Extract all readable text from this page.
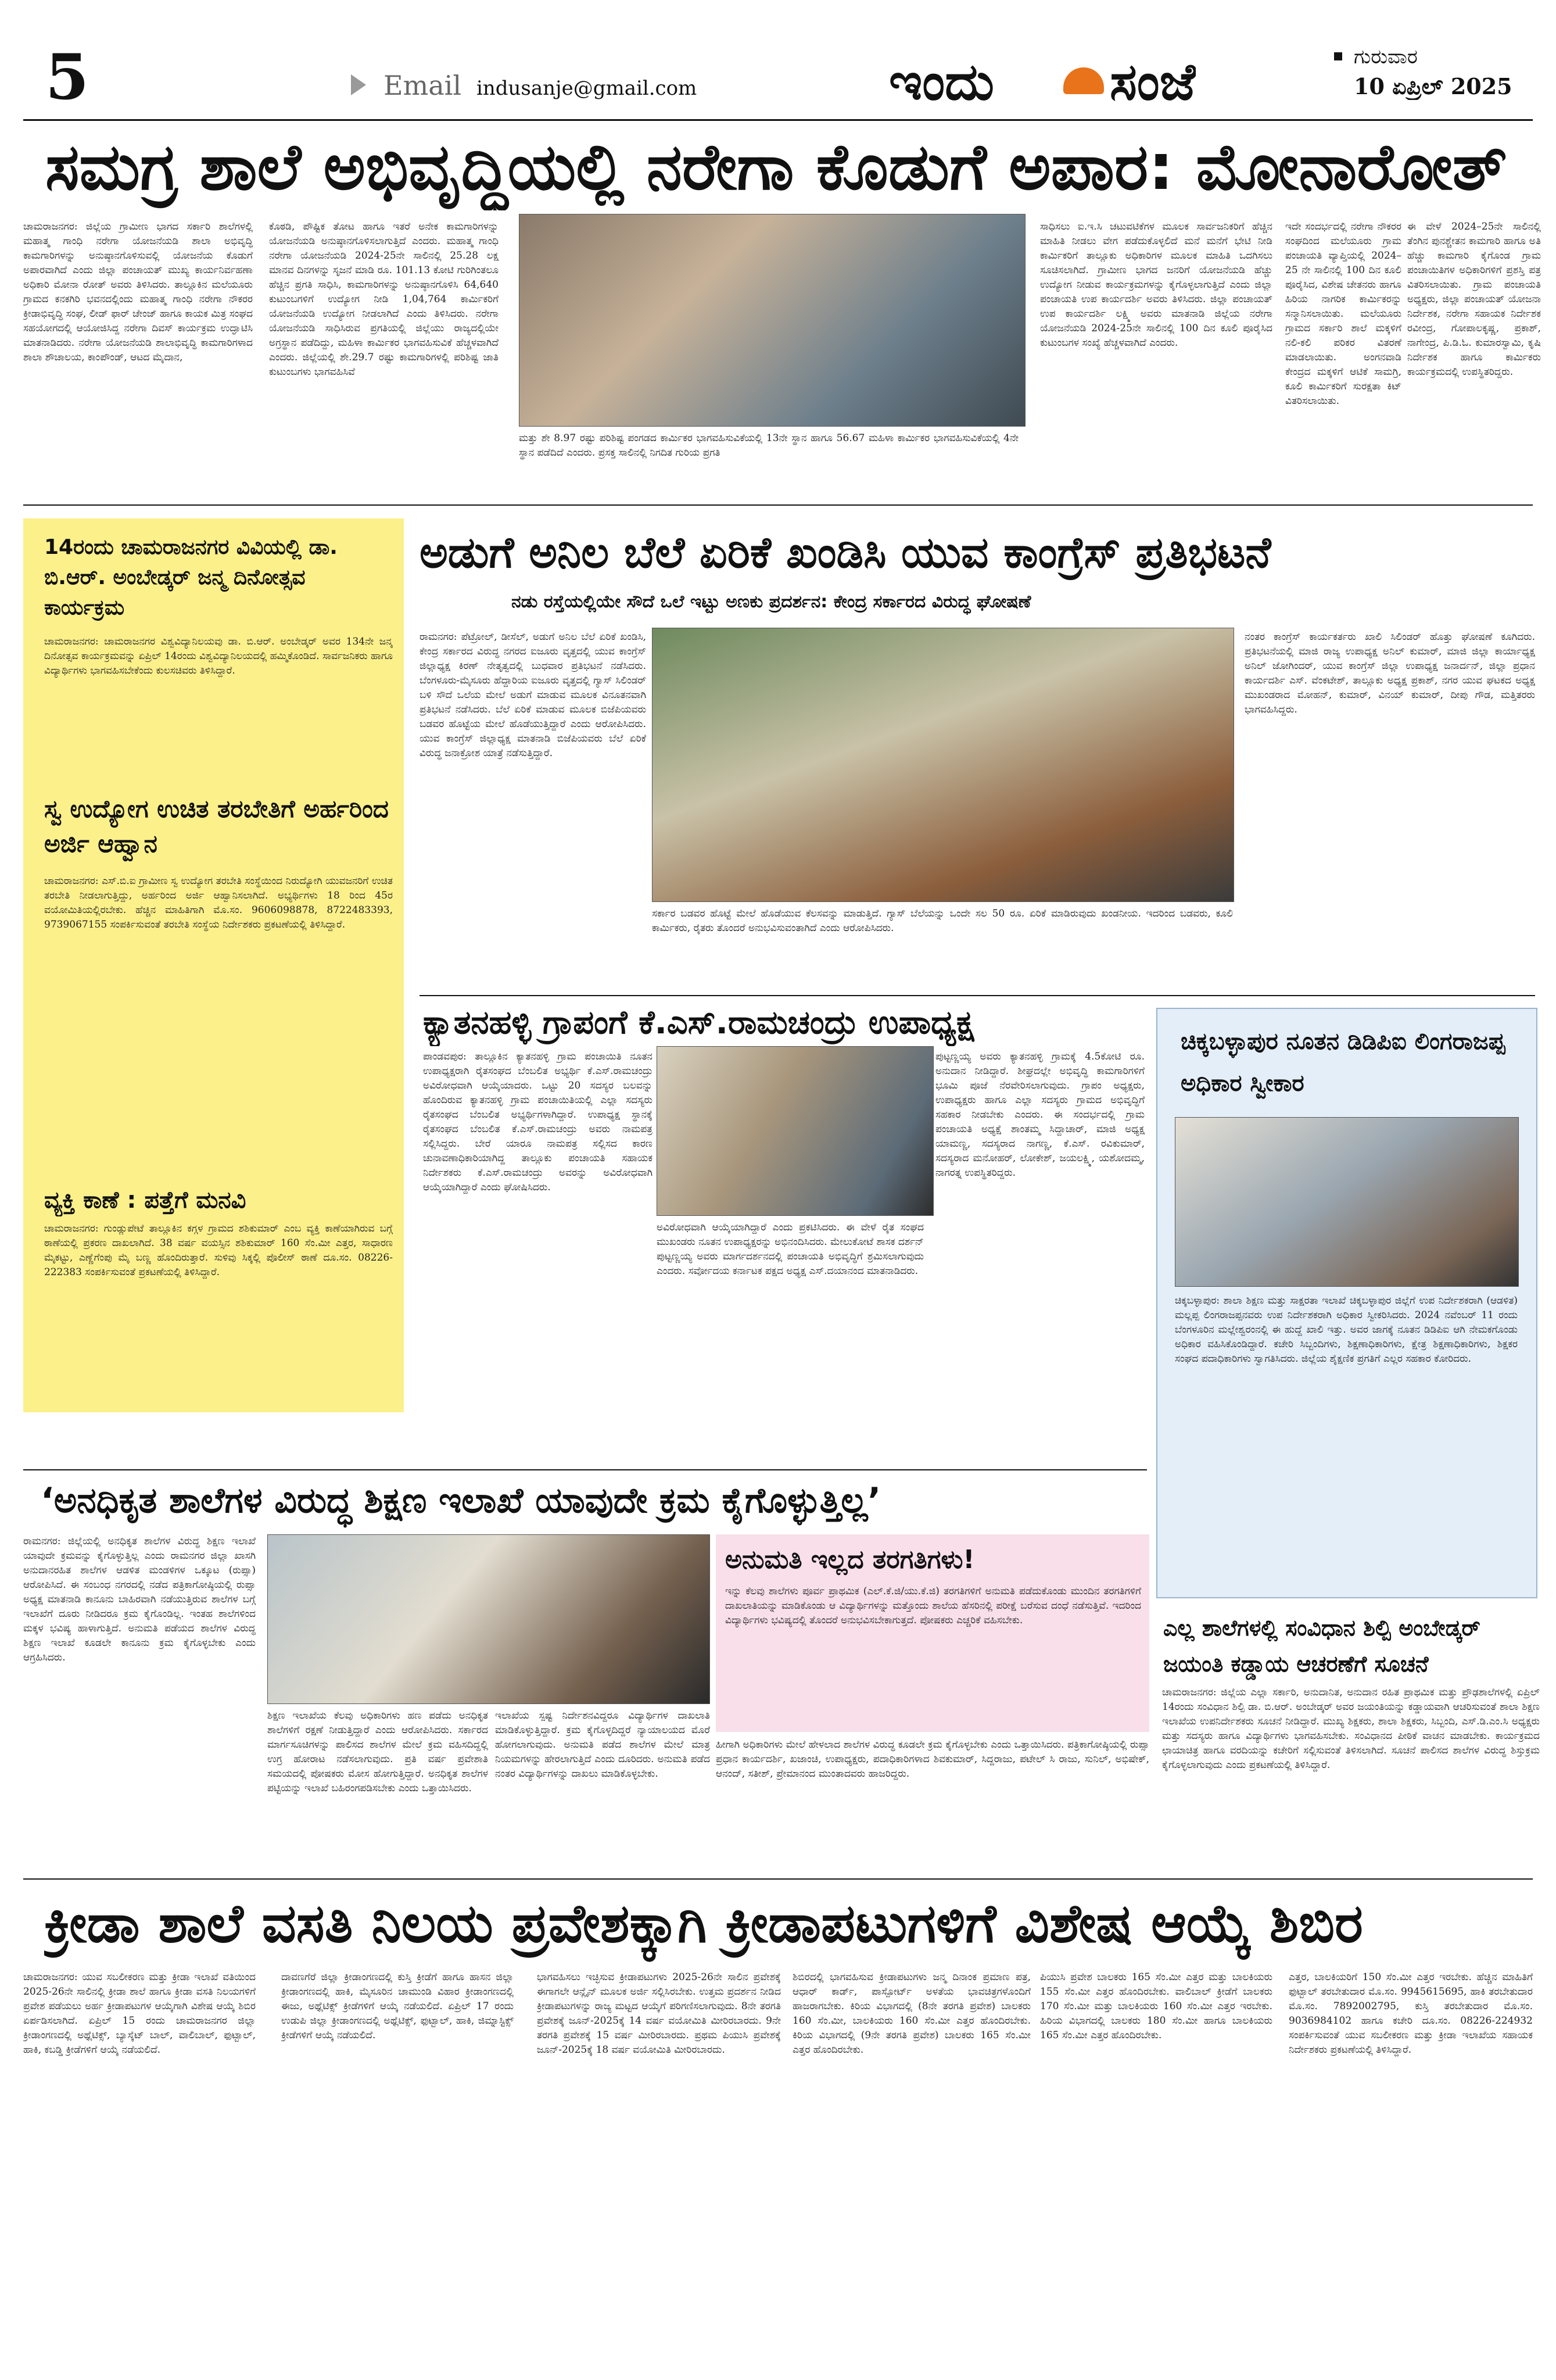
5	Email indusanje@gmail.com	ಇಂದು ಸಂಜೆ	ಗುರುವಾರ
10 ಏಪ್ರಿಲ್ 2025
ಸಮಗ್ರ ಶಾಲೆ ಅಭಿವೃದ್ಧಿಯಲ್ಲಿ ನರೇಗಾ ಕೊಡುಗೆ ಅಪಾರ: ಮೋನಾರೋತ್
ಚಾಮರಾಜನಗರ: ಜಿಲ್ಲೆಯ ಗ್ರಾಮೀಣ ಭಾಗದ ಸರ್ಕಾರಿ ಶಾಲೆಗಳಲ್ಲಿ ಮಹಾತ್ಮ ಗಾಂಧಿ ನರೇಗಾ ಯೋಜನೆಯಡಿ ಶಾಲಾ ಅಭಿವೃದ್ಧಿ ಕಾಮಗಾರಿಗಳನ್ನು ಅನುಷ್ಠಾನಗೊಳಿಸುವಲ್ಲಿ ಯೋಜನೆಯ ಕೊಡುಗೆ ಅಪಾರವಾಗಿದೆ ಎಂದು ಜಿಲ್ಲಾ ಪಂಚಾಯತ್ ಮುಖ್ಯ ಕಾರ್ಯನಿರ್ವಹಣಾ ಅಧಿಕಾರಿ ಮೋನಾ ರೋತ್ ಅವರು ತಿಳಿಸಿದರು. ತಾಲ್ಲೂಕಿನ ಮಲೆಯೂರು ಗ್ರಾಮದ ಕನಕಗಿರಿ ಭವನದಲ್ಲಿಂದು ಮಹಾತ್ಮ ಗಾಂಧಿ ನರೇಗಾ ನೌಕರರ ಕ್ರೀಡಾಭಿವೃದ್ಧಿ ಸಂಘ, ಲೀಡ್ ಫಾರ್ ಚೇಂಜ್ ಹಾಗೂ ಕಾಯಕ ಮಿತ್ರ ಸಂಘದ ಸಹಯೋಗದಲ್ಲಿ ಆಯೋಜಿಸಿದ್ದ ನರೇಗಾ ದಿವಸ್ ಕಾರ್ಯಕ್ರಮ ಉದ್ಘಾಟಿಸಿ ಮಾತನಾಡಿದರು. ನರೇಗಾ ಯೋಜನೆಯಡಿ ಶಾಲಾಭಿವೃದ್ಧಿ ಕಾಮಗಾರಿಗಳಾದ ಶಾಲಾ ಶೌಚಾಲಯ, ಕಾಂಪೌಂಡ್, ಆಟದ ಮೈದಾನ,
ಕೊಠಡಿ, ಪೌಷ್ಟಿಕ ತೋಟ ಹಾಗೂ ಇತರೆ ಅನೇಕ ಕಾಮಗಾರಿಗಳನ್ನು ಯೋಜನೆಯಡಿ ಅನುಷ್ಠಾನಗೊಳಿಸಲಾಗುತ್ತಿದೆ ಎಂದರು. ಮಹಾತ್ಮ ಗಾಂಧಿ ನರೇಗಾ ಯೋಜನೆಯಡಿ 2024-25ನೇ ಸಾಲಿನಲ್ಲಿ 25.28 ಲಕ್ಷ ಮಾನವ ದಿನಗಳನ್ನು ಸೃಜನೆ ಮಾಡಿ ರೂ. 101.13 ಕೋಟಿ ಗುರಿಗಿಂತಲೂ ಹೆಚ್ಚಿನ ಪ್ರಗತಿ ಸಾಧಿಸಿ, ಕಾಮಗಾರಿಗಳನ್ನು ಅನುಷ್ಠಾನಗೊಳಿಸಿ 64,640 ಕುಟುಂಬಗಳಿಗೆ ಉದ್ಯೋಗ ನೀಡಿ 1,04,764 ಕಾರ್ಮಿಕರಿಗೆ ಯೋಜನೆಯಡಿ ಉದ್ಯೋಗ ನೀಡಲಾಗಿದೆ ಎಂದು ತಿಳಿಸಿದರು. ನರೇಗಾ ಯೋಜನೆಯಡಿ ಸಾಧಿಸಿರುವ ಪ್ರಗತಿಯಲ್ಲಿ ಜಿಲ್ಲೆಯು ರಾಜ್ಯದಲ್ಲಿಯೇ ಅಗ್ರಸ್ಥಾನ ಪಡೆದಿದ್ದು, ಮಹಿಳಾ ಕಾರ್ಮಿಕರ ಭಾಗವಹಿಸುವಿಕೆ ಹೆಚ್ಚಳವಾಗಿದೆ ಎಂದರು. ಜಿಲ್ಲೆಯಲ್ಲಿ ಶೇ.29.7 ರಷ್ಟು ಕಾಮಗಾರಿಗಳಲ್ಲಿ ಪರಿಶಿಷ್ಟ ಜಾತಿ ಕುಟುಂಬಗಳು ಭಾಗವಹಿಸಿವೆ
ಮತ್ತು ಶೇ 8.97 ರಷ್ಟು ಪರಿಶಿಷ್ಟ ಪಂಗಡದ ಕಾರ್ಮಿಕರ ಭಾಗವಹಿಸುವಿಕೆಯಲ್ಲಿ 13ನೇ ಸ್ಥಾನ ಹಾಗೂ 56.67 ಮಹಿಳಾ ಕಾರ್ಮಿಕರ ಭಾಗವಹಿಸುವಿಕೆಯಲ್ಲಿ 4ನೇ ಸ್ಥಾನ ಪಡೆದಿದೆ ಎಂದರು. ಪ್ರಸಕ್ತ ಸಾಲಿನಲ್ಲಿ ನಿಗದಿತ ಗುರಿಯ ಪ್ರಗತಿ
ಸಾಧಿಸಲು ಐ.ಇ.ಸಿ ಚಟುವಟಿಕೆಗಳ ಮೂಲಕ ಸಾರ್ವಜನಿಕರಿಗೆ ಹೆಚ್ಚಿನ ಮಾಹಿತಿ ನೀಡಲು ವೇಗ ಪಡೆದುಕೊಳ್ಳಲಿದೆ ಮನೆ ಮನೆಗೆ ಭೇಟಿ ನೀಡಿ ಕಾರ್ಮಿಕರಿಗೆ ತಾಲ್ಲೂಕು ಅಧಿಕಾರಿಗಳ ಮೂಲಕ ಮಾಹಿತಿ ಒದಗಿಸಲು ಸೂಚಿಸಲಾಗಿದೆ. ಗ್ರಾಮೀಣ ಭಾಗದ ಜನರಿಗೆ ಯೋಜನೆಯಡಿ ಹೆಚ್ಚು ಉದ್ಯೋಗ ನೀಡುವ ಕಾರ್ಯಕ್ರಮಗಳನ್ನು ಕೈಗೊಳ್ಳಲಾಗುತ್ತಿದೆ ಎಂದು ಜಿಲ್ಲಾ ಪಂಚಾಯತಿ ಉಪ ಕಾರ್ಯದರ್ಶಿ ಅವರು ತಿಳಿಸಿದರು. ಜಿಲ್ಲಾ ಪಂಚಾಯತ್ ಉಪ ಕಾರ್ಯದರ್ಶಿ ಲಕ್ಷ್ಮಿ ಅವರು ಮಾತನಾಡಿ ಜಿಲ್ಲೆಯ ನರೇಗಾ ಯೋಜನೆಯಡಿ 2024-25ನೇ ಸಾಲಿನಲ್ಲಿ 100 ದಿನ ಕೂಲಿ ಪೂರೈಸಿದ ಕುಟುಂಬಗಳ ಸಂಖ್ಯೆ ಹೆಚ್ಚಳವಾಗಿದೆ ಎಂದರು.
ಇದೇ ಸಂದರ್ಭದಲ್ಲಿ ನರೇಗಾ ನೌಕರರ ಸಂಘದಿಂದ ಮಲೆಯೂರು ಗ್ರಾಮ ಪಂಚಾಯತಿ ವ್ಯಾಪ್ತಿಯಲ್ಲಿ 2024–25 ನೇ ಸಾಲಿನಲ್ಲಿ 100 ದಿನ ಕೂಲಿ ಪೂರೈಸಿದ, ವಿಶೇಷ ಚೇತನರು ಹಾಗೂ ಹಿರಿಯ ನಾಗರಿಕ ಕಾರ್ಮಿಕರನ್ನು ಸನ್ಮಾನಿಸಲಾಯಿತು. ಮಲೆಯೂರು ಗ್ರಾಮದ ಸರ್ಕಾರಿ ಶಾಲೆ ಮಕ್ಕಳಿಗೆ ನಲಿ-ಕಲಿ ಪರಿಕರ ವಿತರಣೆ ಮಾಡಲಾಯಿತು. ಅಂಗನವಾಡಿ ಕೇಂದ್ರದ ಮಕ್ಕಳಿಗೆ ಆಟಿಕೆ ಸಾಮಗ್ರಿ, ಕೂಲಿ ಕಾರ್ಮಿಕರಿಗೆ ಸುರಕ್ಷತಾ ಕಿಟ್ ವಿತರಿಸಲಾಯಿತು.
ಈ ವೇಳೆ 2024–25ನೇ ಸಾಲಿನಲ್ಲಿ ತೆಂಗಿನ ಪುನಶ್ಚೇತನ ಕಾಮಗಾರಿ ಹಾಗೂ ಅತಿ ಹೆಚ್ಚು ಕಾಮಗಾರಿ ಕೈಗೊಂಡ ಗ್ರಾಮ ಪಂಚಾಯಿತಿಗಳ ಅಧಿಕಾರಿಗಳಿಗೆ ಪ್ರಶಸ್ತಿ ಪತ್ರ ವಿತರಿಸಲಾಯಿತು. ಗ್ರಾಮ ಪಂಚಾಯತಿ ಅಧ್ಯಕ್ಷರು, ಜಿಲ್ಲಾ ಪಂಚಾಯತ್ ಯೋಜನಾ ನಿರ್ದೇಶಕ, ನರೇಗಾ ಸಹಾಯಕ ನಿರ್ದೇಶಕ ರವೀಂದ್ರ, ಗೋಪಾಲಕೃಷ್ಣ, ಪ್ರಕಾಶ್, ನಾಗೇಂದ್ರ, ಪಿ.ಡಿ.ಓ. ಕುಮಾರಸ್ವಾಮಿ, ಕೃಷಿ ನಿರ್ದೇಶಕ ಹಾಗೂ ಕಾರ್ಮಿಕರು ಕಾರ್ಯಕ್ರಮದಲ್ಲಿ ಉಪಸ್ಥಿತರಿದ್ದರು.
14ರಂದು ಚಾಮರಾಜನಗರ ವಿವಿಯಲ್ಲಿ ಡಾ. ಬಿ.ಆರ್. ಅಂಬೇಡ್ಕರ್ ಜನ್ಮ ದಿನೋತ್ಸವ ಕಾರ್ಯಕ್ರಮ
ಚಾಮರಾಜನಗರ: ಚಾಮರಾಜನಗರ ವಿಶ್ವವಿದ್ಯಾನಿಲಯವು ಡಾ. ಬಿ.ಆರ್. ಅಂಬೇಡ್ಕರ್ ಅವರ 134ನೇ ಜನ್ಮ ದಿನೋತ್ಸವ ಕಾರ್ಯಕ್ರಮವನ್ನು ಏಪ್ರಿಲ್ 14ರಂದು ವಿಶ್ವವಿದ್ಯಾನಿಲಯದಲ್ಲಿ ಹಮ್ಮಿಕೊಂಡಿದೆ. ಸಾರ್ವಜನಿಕರು ಹಾಗೂ ವಿದ್ಯಾರ್ಥಿಗಳು ಭಾಗವಹಿಸಬೇಕೆಂದು ಕುಲಸಚಿವರು ತಿಳಿಸಿದ್ದಾರೆ.
ಸ್ವ ಉದ್ಯೋಗ ಉಚಿತ ತರಬೇತಿಗೆ ಅರ್ಹರಿಂದ ಅರ್ಜಿ ಆಹ್ವಾನ
ಚಾಮರಾಜನಗರ: ಎಸ್.ಬಿ.ಐ ಗ್ರಾಮೀಣ ಸ್ವ ಉದ್ಯೋಗ ತರಬೇತಿ ಸಂಸ್ಥೆಯಿಂದ ನಿರುದ್ಯೋಗಿ ಯುವಜನರಿಗೆ ಉಚಿತ ತರಬೇತಿ ನೀಡಲಾಗುತ್ತಿದ್ದು, ಅರ್ಹರಿಂದ ಅರ್ಜಿ ಆಹ್ವಾನಿಸಲಾಗಿದೆ. ಅಭ್ಯರ್ಥಿಗಳು 18 ರಿಂದ 45ರ ವಯೋಮಿತಿಯಲ್ಲಿರಬೇಕು. ಹೆಚ್ಚಿನ ಮಾಹಿತಿಗಾಗಿ ಮೊ.ಸಂ. 9606098878, 8722483393, 9739067155 ಸಂಪರ್ಕಿಸುವಂತೆ ತರಬೇತಿ ಸಂಸ್ಥೆಯ ನಿರ್ದೇಶಕರು ಪ್ರಕಟಣೆಯಲ್ಲಿ ತಿಳಿಸಿದ್ದಾರೆ.
ವ್ಯಕ್ತಿ ಕಾಣೆ : ಪತ್ತೆಗೆ ಮನವಿ
ಚಾಮರಾಜನಗರ: ಗುಂಡ್ಲುಪೇಟೆ ತಾಲ್ಲೂಕಿನ ಕಗ್ಗಳ ಗ್ರಾಮದ ಶಶಿಕುಮಾರ್ ಎಂಬ ವ್ಯಕ್ತಿ ಕಾಣೆಯಾಗಿರುವ ಬಗ್ಗೆ ಠಾಣೆಯಲ್ಲಿ ಪ್ರಕರಣ ದಾಖಲಾಗಿದೆ. 38 ವರ್ಷ ವಯಸ್ಸಿನ ಶಶಿಕುಮಾರ್ 160 ಸೆಂ.ಮೀ ಎತ್ತರ, ಸಾಧಾರಣ ಮೈಕಟ್ಟು, ಎಣ್ಣೆಗೆಂಪು ಮೈ ಬಣ್ಣ ಹೊಂದಿರುತ್ತಾರೆ. ಸುಳಿವು ಸಿಕ್ಕಲ್ಲಿ ಪೊಲೀಸ್ ಠಾಣೆ ದೂ.ಸಂ. 08226-222383 ಸಂಪರ್ಕಿಸುವಂತೆ ಪ್ರಕಟಣೆಯಲ್ಲಿ ತಿಳಿಸಿದ್ದಾರೆ.
ಅಡುಗೆ ಅನಿಲ ಬೆಲೆ ಏರಿಕೆ ಖಂಡಿಸಿ ಯುವ ಕಾಂಗ್ರೆಸ್ ಪ್ರತಿಭಟನೆ
ನಡು ರಸ್ತೆಯಲ್ಲಿಯೇ ಸೌದೆ ಒಲೆ ಇಟ್ಟು ಅಣಕು ಪ್ರದರ್ಶನ: ಕೇಂದ್ರ ಸರ್ಕಾರದ ವಿರುದ್ಧ ಘೋಷಣೆ
ರಾಮನಗರ: ಪೆಟ್ರೋಲ್, ಡೀಸೆಲ್, ಅಡುಗೆ ಅನಿಲ ಬೆಲೆ ಏರಿಕೆ ಖಂಡಿಸಿ, ಕೇಂದ್ರ ಸರ್ಕಾರದ ವಿರುದ್ಧ ನಗರದ ಐಜೂರು ವೃತ್ತದಲ್ಲಿ ಯುವ ಕಾಂಗ್ರೆಸ್ ಜಿಲ್ಲಾಧ್ಯಕ್ಷ ಕಿರಣ್ ನೇತೃತ್ವದಲ್ಲಿ ಬುಧವಾರ ಪ್ರತಿಭಟನೆ ನಡೆಸಿದರು. ಬೆಂಗಳೂರು-ಮೈಸೂರು ಹೆದ್ದಾರಿಯ ಐಜೂರು ವೃತ್ತದಲ್ಲಿ ಗ್ಯಾಸ್ ಸಿಲಿಂಡರ್ ಬಳಿ ಸೌದೆ ಒಲೆಯ ಮೇಲೆ ಅಡುಗೆ ಮಾಡುವ ಮೂಲಕ ವಿನೂತನವಾಗಿ ಪ್ರತಿಭಟನೆ ನಡೆಸಿದರು. ಬೆಲೆ ಏರಿಕೆ ಮಾಡುವ ಮೂಲಕ ಬಿಜೆಪಿಯವರು ಬಡವರ ಹೊಟ್ಟೆಯ ಮೇಲೆ ಹೊಡೆಯುತ್ತಿದ್ದಾರೆ ಎಂದು ಆರೋಪಿಸಿದರು. ಯುವ ಕಾಂಗ್ರೆಸ್ ಜಿಲ್ಲಾಧ್ಯಕ್ಷ ಮಾತನಾಡಿ ಬಿಜೆಪಿಯವರು ಬೆಲೆ ಏರಿಕೆ ವಿರುದ್ಧ ಜನಾಕ್ರೋಶ ಯಾತ್ರೆ ನಡೆಸುತ್ತಿದ್ದಾರೆ.
ಸರ್ಕಾರ ಬಡವರ ಹೊಟ್ಟೆ ಮೇಲೆ ಹೊಡೆಯುವ ಕೆಲಸವನ್ನು ಮಾಡುತ್ತಿದೆ. ಗ್ಯಾಸ್ ಬೆಲೆಯನ್ನು ಒಂದೇ ಸಲ 50 ರೂ. ಏರಿಕೆ ಮಾಡಿರುವುದು ಖಂಡನೀಯ. ಇದರಿಂದ ಬಡವರು, ಕೂಲಿ ಕಾರ್ಮಿಕರು, ರೈತರು ತೊಂದರೆ ಅನುಭವಿಸುವಂತಾಗಿದೆ ಎಂದು ಆರೋಪಿಸಿದರು.
ನಂತರ ಕಾಂಗ್ರೆಸ್ ಕಾರ್ಯಕರ್ತರು ಖಾಲಿ ಸಿಲಿಂಡರ್ ಹೊತ್ತು ಘೋಷಣೆ ಕೂಗಿದರು. ಪ್ರತಿಭಟನೆಯಲ್ಲಿ ಮಾಜಿ ರಾಜ್ಯ ಉಪಾಧ್ಯಕ್ಷ ಅನಿಲ್ ಕುಮಾರ್, ಮಾಜಿ ಜಿಲ್ಲಾ ಕಾರ್ಯಾಧ್ಯಕ್ಷ ಅನಿಲ್ ಜೋಗಿಂದರ್, ಯುವ ಕಾಂಗ್ರೆಸ್ ಜಿಲ್ಲಾ ಉಪಾಧ್ಯಕ್ಷ ಜನಾರ್ದನ್, ಜಿಲ್ಲಾ ಪ್ರಧಾನ ಕಾರ್ಯದರ್ಶಿ ಎಸ್. ವೆಂಕಟೇಶ್, ತಾಲ್ಲೂಕು ಅಧ್ಯಕ್ಷ ಪ್ರಕಾಶ್, ನಗರ ಯುವ ಘಟಕದ ಅಧ್ಯಕ್ಷ ಮುಖಂಡರಾದ ಮೋಹನ್, ಕುಮಾರ್, ವಿನಯ್ ಕುಮಾರ್, ದೀಪು ಗೌಡ, ಮತ್ತಿತರರು ಭಾಗವಹಿಸಿದ್ದರು.
ಕ್ಯಾತನಹಳ್ಳಿ ಗ್ರಾಪಂಗೆ ಕೆ.ಎಸ್.ರಾಮಚಂದ್ರು ಉಪಾಧ್ಯಕ್ಷ
ಪಾಂಡವಪುರ: ತಾಲ್ಲೂಕಿನ ಕ್ಯಾತನಹಳ್ಳಿ ಗ್ರಾಮ ಪಂಚಾಯಿತಿ ನೂತನ ಉಪಾಧ್ಯಕ್ಷರಾಗಿ ರೈತಸಂಘದ ಬೆಂಬಲಿತ ಅಭ್ಯರ್ಥಿ ಕೆ.ಎಸ್.ರಾಮಚಂದ್ರು ಅವಿರೋಧವಾಗಿ ಆಯ್ಕೆಯಾದರು. ಒಟ್ಟು 20 ಸದಸ್ಯರ ಬಲವನ್ನು ಹೊಂದಿರುವ ಕ್ಯಾತನಹಳ್ಳಿ ಗ್ರಾಮ ಪಂಚಾಯಿತಿಯಲ್ಲಿ ಎಲ್ಲಾ ಸದಸ್ಯರು ರೈತಸಂಘದ ಬೆಂಬಲಿತ ಅಭ್ಯರ್ಥಿಗಳಾಗಿದ್ದಾರೆ. ಉಪಾಧ್ಯಕ್ಷ ಸ್ಥಾನಕ್ಕೆ ರೈತಸಂಘದ ಬೆಂಬಲಿತ ಕೆ.ಎಸ್.ರಾಮಚಂದ್ರು ಅವರು ನಾಮಪತ್ರ ಸಲ್ಲಿಸಿದ್ದರು. ಬೇರೆ ಯಾರೂ ನಾಮಪತ್ರ ಸಲ್ಲಿಸದ ಕಾರಣ ಚುನಾವಣಾಧಿಕಾರಿಯಾಗಿದ್ದ ತಾಲ್ಲೂಕು ಪಂಚಾಯತಿ ಸಹಾಯಕ ನಿರ್ದೇಶಕರು ಕೆ.ಎಸ್.ರಾಮಚಂದ್ರು ಅವರನ್ನು ಅವಿರೋಧವಾಗಿ ಆಯ್ಕೆಯಾಗಿದ್ದಾರೆ ಎಂದು ಘೋಷಿಸಿದರು.
ಅವಿರೋಧವಾಗಿ ಆಯ್ಕೆಯಾಗಿದ್ದಾರೆ ಎಂದು ಪ್ರಕಟಿಸಿದರು. ಈ ವೇಳೆ ರೈತ ಸಂಘದ ಮುಖಂಡರು ನೂತನ ಉಪಾಧ್ಯಕ್ಷರನ್ನು ಅಭಿನಂದಿಸಿದರು. ಮೇಲುಕೋಟೆ ಶಾಸಕ ದರ್ಶನ್ ಪುಟ್ಟಣ್ಣಯ್ಯ ಅವರು ಮಾರ್ಗದರ್ಶನದಲ್ಲಿ ಪಂಚಾಯತಿ ಅಭಿವೃದ್ಧಿಗೆ ಶ್ರಮಿಸಲಾಗುವುದು ಎಂದರು. ಸರ್ವೋದಯ ಕರ್ನಾಟಕ ಪಕ್ಷದ ಅಧ್ಯಕ್ಷ ಎಸ್.ದಯಾನಂದ ಮಾತನಾಡಿದರು.
ಪುಟ್ಟಣ್ಣಯ್ಯ ಅವರು ಕ್ಯಾತನಹಳ್ಳಿ ಗ್ರಾಮಕ್ಕೆ 4.5ಕೋಟಿ ರೂ. ಅನುದಾನ ನೀಡಿದ್ದಾರೆ. ಶೀಘ್ರದಲ್ಲೇ ಅಭಿವೃದ್ಧಿ ಕಾಮಗಾರಿಗಳಿಗೆ ಭೂಮಿ ಪೂಜೆ ನೆರವೇರಿಸಲಾಗುವುದು. ಗ್ರಾಪಂ ಅಧ್ಯಕ್ಷರು, ಉಪಾಧ್ಯಕ್ಷರು ಹಾಗೂ ಎಲ್ಲಾ ಸದಸ್ಯರು ಗ್ರಾಮದ ಅಭಿವೃದ್ಧಿಗೆ ಸಹಕಾರ ನೀಡಬೇಕು ಎಂದರು. ಈ ಸಂದರ್ಭದಲ್ಲಿ ಗ್ರಾಮ ಪಂಚಾಯತಿ ಅಧ್ಯಕ್ಷೆ ಶಾಂತಮ್ಮ ಸಿದ್ದಾಚಾರ್, ಮಾಜಿ ಅಧ್ಯಕ್ಷ ಯಾಮಣ್ಣ, ಸದಸ್ಯರಾದ ನಾಗಣ್ಣ, ಕೆ.ಎಸ್. ರವಿಕುಮಾರ್, ಸದಸ್ಯರಾದ ಮನೋಹರ್, ಲೋಕೇಶ್, ಜಯಲಕ್ಷ್ಮಿ, ಯಶೋದಮ್ಮ, ನಾಗರತ್ನ ಉಪಸ್ಥಿತರಿದ್ದರು.
ಚಿಕ್ಕಬಳ್ಳಾಪುರ ನೂತನ ಡಿಡಿಪಿಐ ಲಿಂಗರಾಜಪ್ಪ ಅಧಿಕಾರ ಸ್ವೀಕಾರ
ಚಿಕ್ಕಬಳ್ಳಾಪುರ: ಶಾಲಾ ಶಿಕ್ಷಣ ಮತ್ತು ಸಾಕ್ಷರತಾ ಇಲಾಖೆ ಚಿಕ್ಕಬಳ್ಳಾಪುರ ಜಿಲ್ಲೆಗೆ ಉಪ ನಿರ್ದೇಶಕರಾಗಿ (ಆಡಳಿತ) ಮಲ್ಲಪ್ಪ ಲಿಂಗರಾಜಪ್ಪನವರು ಉಪ ನಿರ್ದೇಶಕರಾಗಿ ಅಧಿಕಾರ ಸ್ವೀಕರಿಸಿದರು. 2024 ನವೆಂಬರ್ 11 ರಂದು ಬೆಂಗಳೂರಿನ ಮಲ್ಲೇಶ್ವರಂನಲ್ಲಿ ಈ ಹುದ್ದೆ ಖಾಲಿ ಇತ್ತು. ಅವರ ಜಾಗಕ್ಕೆ ನೂತನ ಡಿಡಿಪಿಐ ಆಗಿ ನೇಮಕಗೊಂಡು ಅಧಿಕಾರ ವಹಿಸಿಕೊಂಡಿದ್ದಾರೆ. ಕಚೇರಿ ಸಿಬ್ಬಂದಿಗಳು, ಶಿಕ್ಷಣಾಧಿಕಾರಿಗಳು, ಕ್ಷೇತ್ರ ಶಿಕ್ಷಣಾಧಿಕಾರಿಗಳು, ಶಿಕ್ಷಕರ ಸಂಘದ ಪದಾಧಿಕಾರಿಗಳು ಸ್ವಾಗತಿಸಿದರು. ಜಿಲ್ಲೆಯ ಶೈಕ್ಷಣಿಕ ಪ್ರಗತಿಗೆ ಎಲ್ಲರ ಸಹಕಾರ ಕೋರಿದರು.
‘ಅನಧಿಕೃತ ಶಾಲೆಗಳ ವಿರುದ್ಧ ಶಿಕ್ಷಣ ಇಲಾಖೆ ಯಾವುದೇ ಕ್ರಮ ಕೈಗೊಳ್ಳುತ್ತಿಲ್ಲ’
ರಾಮನಗರ: ಜಿಲ್ಲೆಯಲ್ಲಿ ಅನಧಿಕೃತ ಶಾಲೆಗಳ ವಿರುದ್ಧ ಶಿಕ್ಷಣ ಇಲಾಖೆ ಯಾವುದೇ ಕ್ರಮವನ್ನು ಕೈಗೊಳ್ಳುತ್ತಿಲ್ಲ ಎಂದು ರಾಮನಗರ ಜಿಲ್ಲಾ ಖಾಸಗಿ ಅನುದಾನರಹಿತ ಶಾಲೆಗಳ ಆಡಳಿತ ಮಂಡಳಿಗಳ ಒಕ್ಕೂಟ (ರುಪ್ಸಾ) ಆರೋಪಿಸಿದೆ. ಈ ಸಂಬಂಧ ನಗರದಲ್ಲಿ ನಡೆದ ಪತ್ರಿಕಾಗೋಷ್ಠಿಯಲ್ಲಿ ರುಪ್ಸಾ ಅಧ್ಯಕ್ಷ ಮಾತನಾಡಿ ಕಾನೂನು ಬಾಹಿರವಾಗಿ ನಡೆಯುತ್ತಿರುವ ಶಾಲೆಗಳ ಬಗ್ಗೆ ಇಲಾಖೆಗೆ ದೂರು ನೀಡಿದರೂ ಕ್ರಮ ಕೈಗೊಂಡಿಲ್ಲ. ಇಂತಹ ಶಾಲೆಗಳಿಂದ ಮಕ್ಕಳ ಭವಿಷ್ಯ ಹಾಳಾಗುತ್ತಿದೆ. ಅನುಮತಿ ಪಡೆಯದ ಶಾಲೆಗಳ ವಿರುದ್ಧ ಶಿಕ್ಷಣ ಇಲಾಖೆ ಕೂಡಲೇ ಕಾನೂನು ಕ್ರಮ ಕೈಗೊಳ್ಳಬೇಕು ಎಂದು ಆಗ್ರಹಿಸಿದರು.
ಶಿಕ್ಷಣ ಇಲಾಖೆಯ ಕೆಲವು ಅಧಿಕಾರಿಗಳು ಹಣ ಪಡೆದು ಅನಧಿಕೃತ ಶಾಲೆಗಳಿಗೆ ರಕ್ಷಣೆ ನೀಡುತ್ತಿದ್ದಾರೆ ಎಂದು ಆರೋಪಿಸಿದರು. ಸರ್ಕಾರದ ಮಾರ್ಗಸೂಚಿಗಳನ್ನು ಪಾಲಿಸದ ಶಾಲೆಗಳ ಮೇಲೆ ಕ್ರಮ ವಹಿಸದಿದ್ದಲ್ಲಿ ಉಗ್ರ ಹೋರಾಟ ನಡೆಸಲಾಗುವುದು. ಪ್ರತಿ ವರ್ಷ ಪ್ರವೇಶಾತಿ ಸಮಯದಲ್ಲಿ ಪೋಷಕರು ಮೋಸ ಹೋಗುತ್ತಿದ್ದಾರೆ. ಅನಧಿಕೃತ ಶಾಲೆಗಳ ಪಟ್ಟಿಯನ್ನು ಇಲಾಖೆ ಬಹಿರಂಗಪಡಿಸಬೇಕು ಎಂದು ಒತ್ತಾಯಿಸಿದರು.
ಇಲಾಖೆಯ ಸ್ಪಷ್ಟ ನಿರ್ದೇಶನವಿದ್ದರೂ ವಿದ್ಯಾರ್ಥಿಗಳ ದಾಖಲಾತಿ ಮಾಡಿಕೊಳ್ಳುತ್ತಿದ್ದಾರೆ. ಕ್ರಮ ಕೈಗೊಳ್ಳದಿದ್ದರೆ ನ್ಯಾಯಾಲಯದ ಮೊರೆ ಹೋಗಲಾಗುವುದು. ಅನುಮತಿ ಪಡೆದ ಶಾಲೆಗಳ ಮೇಲೆ ಮಾತ್ರ ನಿಯಮಗಳನ್ನು ಹೇರಲಾಗುತ್ತಿದೆ ಎಂದು ದೂರಿದರು. ಅನುಮತಿ ಪಡೆದ ನಂತರ ವಿದ್ಯಾರ್ಥಿಗಳನ್ನು ದಾಖಲು ಮಾಡಿಕೊಳ್ಳಬೇಕು.
ಅನುಮತಿ ಇಲ್ಲದ ತರಗತಿಗಳು!
ಇನ್ನು ಕೆಲವು ಶಾಲೆಗಳು ಪೂರ್ವ ಪ್ರಾಥಮಿಕ (ಎಲ್.ಕೆ.ಜಿ/ಯು.ಕೆ.ಜಿ) ತರಗತಿಗಳಿಗೆ ಅನುಮತಿ ಪಡೆದುಕೊಂಡು ಮುಂದಿನ ತರಗತಿಗಳಿಗೆ ದಾಖಲಾತಿಯನ್ನು ಮಾಡಿಕೊಂಡು ಆ ವಿದ್ಯಾರ್ಥಿಗಳನ್ನು ಮತ್ತೊಂದು ಶಾಲೆಯ ಹೆಸರಿನಲ್ಲಿ ಪರೀಕ್ಷೆ ಬರೆಸುವ ದಂಧೆ ನಡೆಸುತ್ತಿವೆ. ಇದರಿಂದ ವಿದ್ಯಾರ್ಥಿಗಳು ಭವಿಷ್ಯದಲ್ಲಿ ತೊಂದರೆ ಅನುಭವಿಸಬೇಕಾಗುತ್ತದೆ. ಪೋಷಕರು ಎಚ್ಚರಿಕೆ ವಹಿಸಬೇಕು.
ಹೀಗಾಗಿ ಅಧಿಕಾರಿಗಳು ಮೇಲೆ ಹೇಳಲಾದ ಶಾಲೆಗಳ ವಿರುದ್ಧ ಕೂಡಲೇ ಕ್ರಮ ಕೈಗೊಳ್ಳಬೇಕು ಎಂದು ಒತ್ತಾಯಿಸಿದರು. ಪತ್ರಿಕಾಗೋಷ್ಠಿಯಲ್ಲಿ ರುಪ್ಸಾ ಪ್ರಧಾನ ಕಾರ್ಯದರ್ಶಿ, ಖಜಾಂಚಿ, ಉಪಾಧ್ಯಕ್ಷರು, ಪದಾಧಿಕಾರಿಗಳಾದ ಶಿವಕುಮಾರ್, ಸಿದ್ದರಾಜು, ಪಟೇಲ್ ಸಿ ರಾಜು, ಸುನಿಲ್, ಅಭಿಷೇಕ್, ಆನಂದ್, ಸತೀಶ್, ಪ್ರೇಮಾನಂದ ಮುಂತಾದವರು ಹಾಜರಿದ್ದರು.
ಎಲ್ಲ ಶಾಲೆಗಳಲ್ಲಿ ಸಂವಿಧಾನ ಶಿಲ್ಪಿ ಅಂಬೇಡ್ಕರ್ ಜಯಂತಿ ಕಡ್ಡಾಯ ಆಚರಣೆಗೆ ಸೂಚನೆ
ಚಾಮರಾಜನಗರ: ಜಿಲ್ಲೆಯ ಎಲ್ಲಾ ಸರ್ಕಾರಿ, ಅನುದಾನಿತ, ಅನುದಾನ ರಹಿತ ಪ್ರಾಥಮಿಕ ಮತ್ತು ಪ್ರೌಢಶಾಲೆಗಳಲ್ಲಿ ಏಪ್ರಿಲ್ 14ರಂದು ಸಂವಿಧಾನ ಶಿಲ್ಪಿ ಡಾ. ಬಿ.ಆರ್. ಅಂಬೇಡ್ಕರ್ ಅವರ ಜಯಂತಿಯನ್ನು ಕಡ್ಡಾಯವಾಗಿ ಆಚರಿಸುವಂತೆ ಶಾಲಾ ಶಿಕ್ಷಣ ಇಲಾಖೆಯ ಉಪನಿರ್ದೇಶಕರು ಸೂಚನೆ ನೀಡಿದ್ದಾರೆ. ಮುಖ್ಯ ಶಿಕ್ಷಕರು, ಶಾಲಾ ಶಿಕ್ಷಕರು, ಸಿಬ್ಬಂದಿ, ಎಸ್.ಡಿ.ಎಂ.ಸಿ ಅಧ್ಯಕ್ಷರು ಮತ್ತು ಸದಸ್ಯರು ಹಾಗೂ ವಿದ್ಯಾರ್ಥಿಗಳು ಭಾಗವಹಿಸಬೇಕು. ಸಂವಿಧಾನದ ಪೀಠಿಕೆ ವಾಚನ ಮಾಡಬೇಕು. ಕಾರ್ಯಕ್ರಮದ ಛಾಯಾಚಿತ್ರ ಹಾಗೂ ವರದಿಯನ್ನು ಕಚೇರಿಗೆ ಸಲ್ಲಿಸುವಂತೆ ತಿಳಿಸಲಾಗಿದೆ. ಸೂಚನೆ ಪಾಲಿಸದ ಶಾಲೆಗಳ ವಿರುದ್ಧ ಶಿಸ್ತುಕ್ರಮ ಕೈಗೊಳ್ಳಲಾಗುವುದು ಎಂದು ಪ್ರಕಟಣೆಯಲ್ಲಿ ತಿಳಿಸಿದ್ದಾರೆ.
ಕ್ರೀಡಾ ಶಾಲೆ ವಸತಿ ನಿಲಯ ಪ್ರವೇಶಕ್ಕಾಗಿ ಕ್ರೀಡಾಪಟುಗಳಿಗೆ ವಿಶೇಷ ಆಯ್ಕೆ ಶಿಬಿರ
ಚಾಮರಾಜನಗರ: ಯುವ ಸಬಲೀಕರಣ ಮತ್ತು ಕ್ರೀಡಾ ಇಲಾಖೆ ವತಿಯಿಂದ 2025-26ನೇ ಸಾಲಿನಲ್ಲಿ ಕ್ರೀಡಾ ಶಾಲೆ ಹಾಗೂ ಕ್ರೀಡಾ ವಸತಿ ನಿಲಯಗಳಿಗೆ ಪ್ರವೇಶ ಪಡೆಯಲು ಅರ್ಹ ಕ್ರೀಡಾಪಟುಗಳ ಆಯ್ಕೆಗಾಗಿ ವಿಶೇಷ ಆಯ್ಕೆ ಶಿಬಿರ ಏರ್ಪಡಿಸಲಾಗಿದೆ. ಏಪ್ರಿಲ್ 15 ರಂದು ಚಾಮರಾಜನಗರ ಜಿಲ್ಲಾ ಕ್ರೀಡಾಂಗಣದಲ್ಲಿ ಅಥ್ಲೆಟಿಕ್ಸ್, ಬ್ಯಾಸ್ಕೆಟ್ ಬಾಲ್, ವಾಲಿಬಾಲ್, ಫುಟ್ಬಾಲ್, ಹಾಕಿ, ಕಬಡ್ಡಿ ಕ್ರೀಡೆಗಳಿಗೆ ಆಯ್ಕೆ ನಡೆಯಲಿದೆ.
ದಾವಣಗೆರೆ ಜಿಲ್ಲಾ ಕ್ರೀಡಾಂಗಣದಲ್ಲಿ ಕುಸ್ತಿ ಕ್ರೀಡೆಗೆ ಹಾಗೂ ಹಾಸನ ಜಿಲ್ಲಾ ಕ್ರೀಡಾಂಗಣದಲ್ಲಿ ಹಾಕಿ, ಮೈಸೂರಿನ ಚಾಮುಂಡಿ ವಿಹಾರ ಕ್ರೀಡಾಂಗಣದಲ್ಲಿ ಈಜು, ಅಥ್ಲೆಟಿಕ್ಸ್ ಕ್ರೀಡೆಗಳಿಗೆ ಆಯ್ಕೆ ನಡೆಯಲಿದೆ. ಏಪ್ರಿಲ್ 17 ರಂದು ಉಡುಪಿ ಜಿಲ್ಲಾ ಕ್ರೀಡಾಂಗಣದಲ್ಲಿ ಅಥ್ಲೆಟಿಕ್ಸ್, ಫುಟ್ಬಾಲ್, ಹಾಕಿ, ಜಿಮ್ನಾಸ್ಟಿಕ್ಸ್ ಕ್ರೀಡೆಗಳಿಗೆ ಆಯ್ಕೆ ನಡೆಯಲಿದೆ.
ಭಾಗವಹಿಸಲು ಇಚ್ಛಿಸುವ ಕ್ರೀಡಾಪಟುಗಳು 2025-26ನೇ ಸಾಲಿನ ಪ್ರವೇಶಕ್ಕೆ ಈಗಾಗಲೇ ಆನ್ಲೈನ್ ಮೂಲಕ ಅರ್ಜಿ ಸಲ್ಲಿಸಿರಬೇಕು. ಉತ್ತಮ ಪ್ರದರ್ಶನ ನೀಡಿದ ಕ್ರೀಡಾಪಟುಗಳನ್ನು ರಾಜ್ಯ ಮಟ್ಟದ ಆಯ್ಕೆಗೆ ಪರಿಗಣಿಸಲಾಗುವುದು. 8ನೇ ತರಗತಿ ಪ್ರವೇಶಕ್ಕೆ ಜೂನ್-2025ಕ್ಕೆ 14 ವರ್ಷ ವಯೋಮಿತಿ ಮೀರಿರಬಾರದು. 9ನೇ ತರಗತಿ ಪ್ರವೇಶಕ್ಕೆ 15 ವರ್ಷ ಮೀರಿರಬಾರದು. ಪ್ರಥಮ ಪಿಯುಸಿ ಪ್ರವೇಶಕ್ಕೆ ಜೂನ್-2025ಕ್ಕೆ 18 ವರ್ಷ ವಯೋಮಿತಿ ಮೀರಿರಬಾರದು.
ಶಿಬಿರದಲ್ಲಿ ಭಾಗವಹಿಸುವ ಕ್ರೀಡಾಪಟುಗಳು ಜನ್ಮ ದಿನಾಂಕ ಪ್ರಮಾಣ ಪತ್ರ, ಆಧಾರ್ ಕಾರ್ಡ್, ಪಾಸ್ಪೋರ್ಟ್ ಅಳತೆಯ ಭಾವಚಿತ್ರಗಳೊಂದಿಗೆ ಹಾಜರಾಗಬೇಕು. ಕಿರಿಯ ವಿಭಾಗದಲ್ಲಿ (8ನೇ ತರಗತಿ ಪ್ರವೇಶ) ಬಾಲಕರು 160 ಸೆಂ.ಮೀ, ಬಾಲಕಿಯರು 160 ಸೆಂ.ಮೀ ಎತ್ತರ ಹೊಂದಿರಬೇಕು. ಕಿರಿಯ ವಿಭಾಗದಲ್ಲಿ (9ನೇ ತರಗತಿ ಪ್ರವೇಶ) ಬಾಲಕರು 165 ಸೆಂ.ಮೀ ಎತ್ತರ ಹೊಂದಿರಬೇಕು.
ಪಿಯುಸಿ ಪ್ರವೇಶ ಬಾಲಕರು 165 ಸೆಂ.ಮೀ ಎತ್ತರ ಮತ್ತು ಬಾಲಕಿಯರು 155 ಸೆಂ.ಮೀ ಎತ್ತರ ಹೊಂದಿರಬೇಕು. ವಾಲಿಬಾಲ್ ಕ್ರೀಡೆಗೆ ಬಾಲಕರು 170 ಸೆಂ.ಮೀ ಮತ್ತು ಬಾಲಕಿಯರು 160 ಸೆಂ.ಮೀ ಎತ್ತರ ಇರಬೇಕು. ಹಿರಿಯ ವಿಭಾಗದಲ್ಲಿ ಬಾಲಕರು 180 ಸೆಂ.ಮೀ ಹಾಗೂ ಬಾಲಕಿಯರು 165 ಸೆಂ.ಮೀ ಎತ್ತರ ಹೊಂದಿರಬೇಕು.
ಎತ್ತರ, ಬಾಲಕಿಯರಿಗೆ 150 ಸೆಂ.ಮೀ ಎತ್ತರ ಇರಬೇಕು. ಹೆಚ್ಚಿನ ಮಾಹಿತಿಗೆ ಫುಟ್ಬಾಲ್ ತರಬೇತುದಾರ ಮೊ.ಸಂ. 9945615695, ಹಾಕಿ ತರಬೇತುದಾರ ಮೊ.ಸಂ. 7892002795, ಕುಸ್ತಿ ತರಬೇತುದಾರ ಮೊ.ಸಂ. 9036984102 ಹಾಗೂ ಕಚೇರಿ ದೂ.ಸಂ. 08226-224932 ಸಂಪರ್ಕಿಸುವಂತೆ ಯುವ ಸಬಲೀಕರಣ ಮತ್ತು ಕ್ರೀಡಾ ಇಲಾಖೆಯ ಸಹಾಯಕ ನಿರ್ದೇಶಕರು ಪ್ರಕಟಣೆಯಲ್ಲಿ ತಿಳಿಸಿದ್ದಾರೆ.
